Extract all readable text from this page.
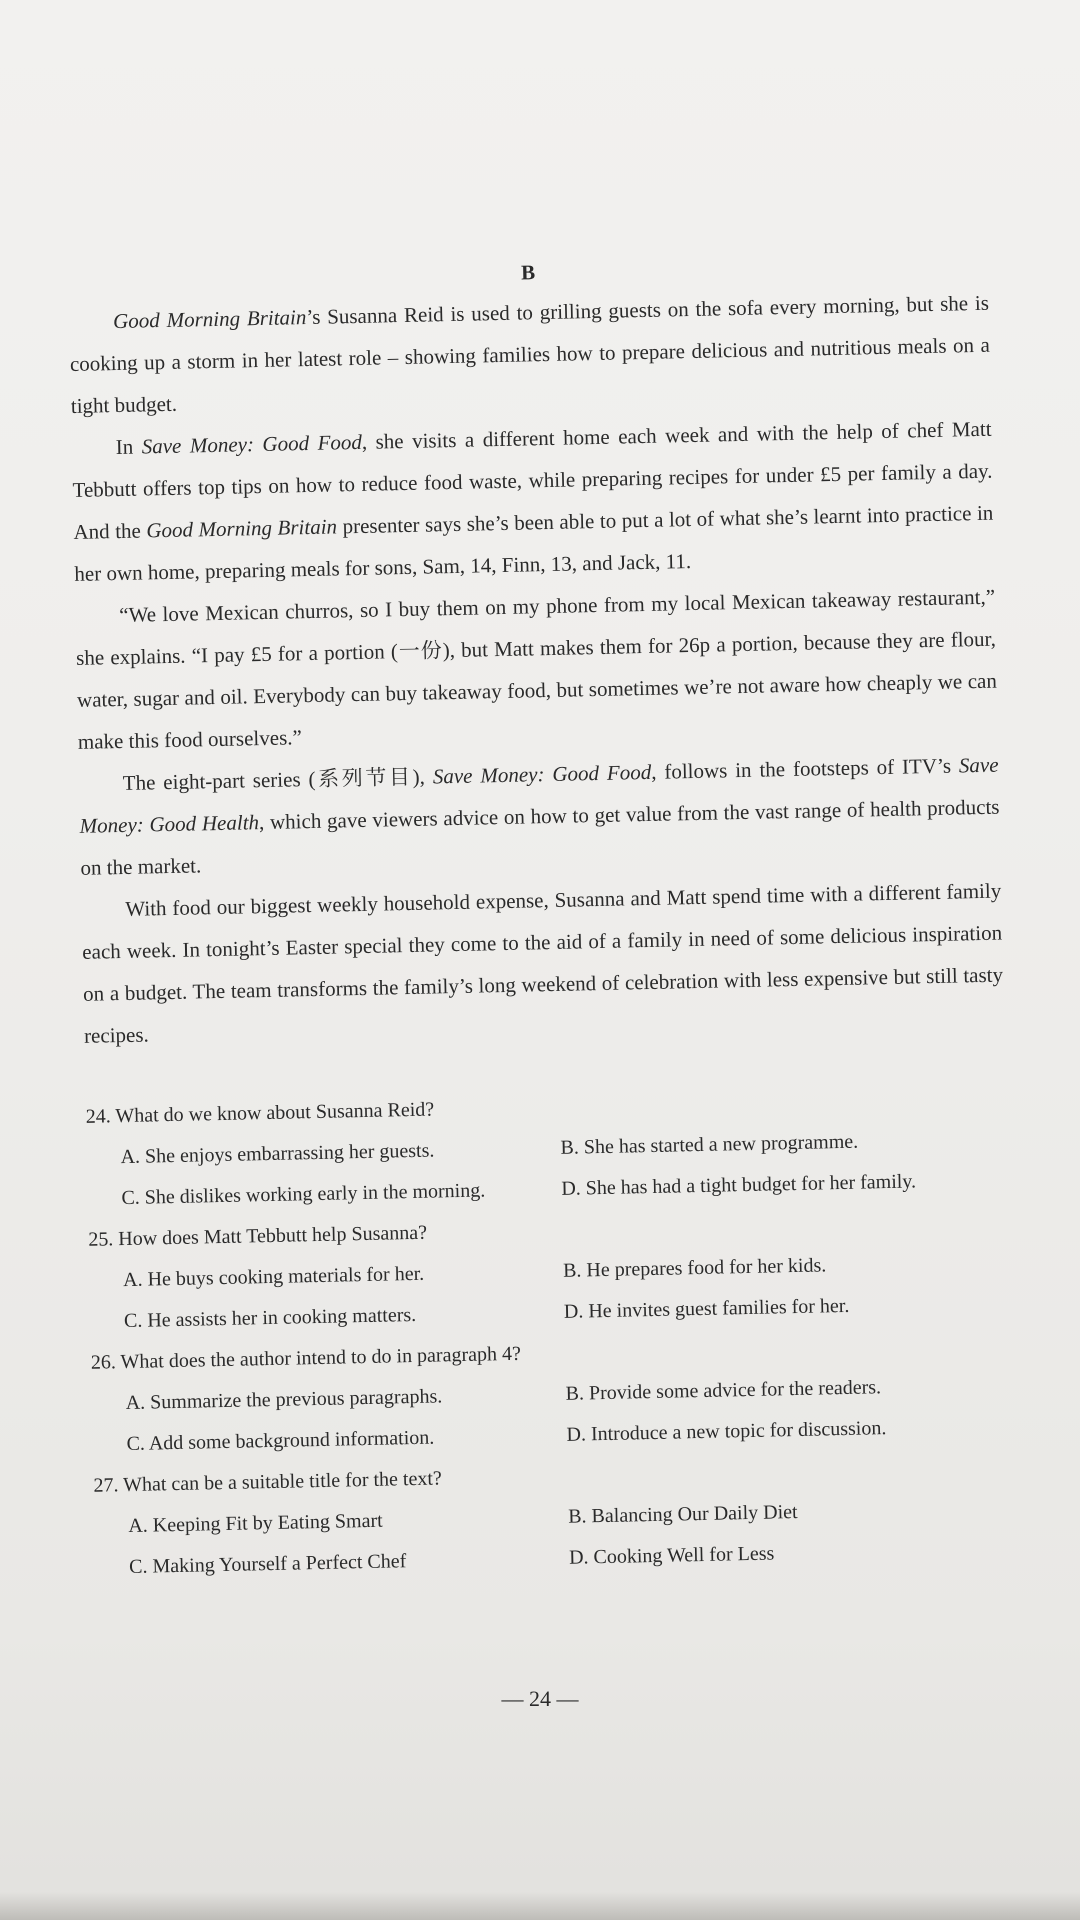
B

Good Morning Britain’s Susanna Reid is used to grilling guests on the sofa every morning, but she is cooking up a storm in her latest role – showing families how to prepare delicious and nutritious meals on a tight budget.

In Save Money: Good Food, she visits a different home each week and with the help of chef Matt Tebbutt offers top tips on how to reduce food waste, while preparing recipes for under £5 per family a day. And the Good Morning Britain presenter says she’s been able to put a lot of what she’s learnt into practice in her own home, preparing meals for sons, Sam, 14, Finn, 13, and Jack, 11.

“We love Mexican churros, so I buy them on my phone from my local Mexican takeaway restaurant,” she explains. “I pay £5 for a portion (一份), but Matt makes them for 26p a portion, because they are flour, water, sugar and oil. Everybody can buy takeaway food, but sometimes we’re not aware how cheaply we can make this food ourselves.”

The eight-part series (系列节目), Save Money: Good Food, follows in the footsteps of ITV’s Save Money: Good Health, which gave viewers advice on how to get value from the vast range of health products on the market.

With food our biggest weekly household expense, Susanna and Matt spend time with a different family each week. In tonight’s Easter special they come to the aid of a family in need of some delicious inspiration on a budget. The team transforms the family’s long weekend of celebration with less expensive but still tasty recipes.

24. What do we know about Susanna Reid?

A. She enjoys embarrassing her guests.	B. She has started a new programme.

C. She dislikes working early in the morning.	D. She has had a tight budget for her family.

25. How does Matt Tebbutt help Susanna?

A. He buys cooking materials for her.	B. He prepares food for her kids.

C. He assists her in cooking matters.	D. He invites guest families for her.

26. What does the author intend to do in paragraph 4?

A. Summarize the previous paragraphs.	B. Provide some advice for the readers.

C. Add some background information.	D. Introduce a new topic for discussion.

27. What can be a suitable title for the text?

A. Keeping Fit by Eating Smart	B. Balancing Our Daily Diet

C. Making Yourself a Perfect Chef	D. Cooking Well for Less

— 24 —
